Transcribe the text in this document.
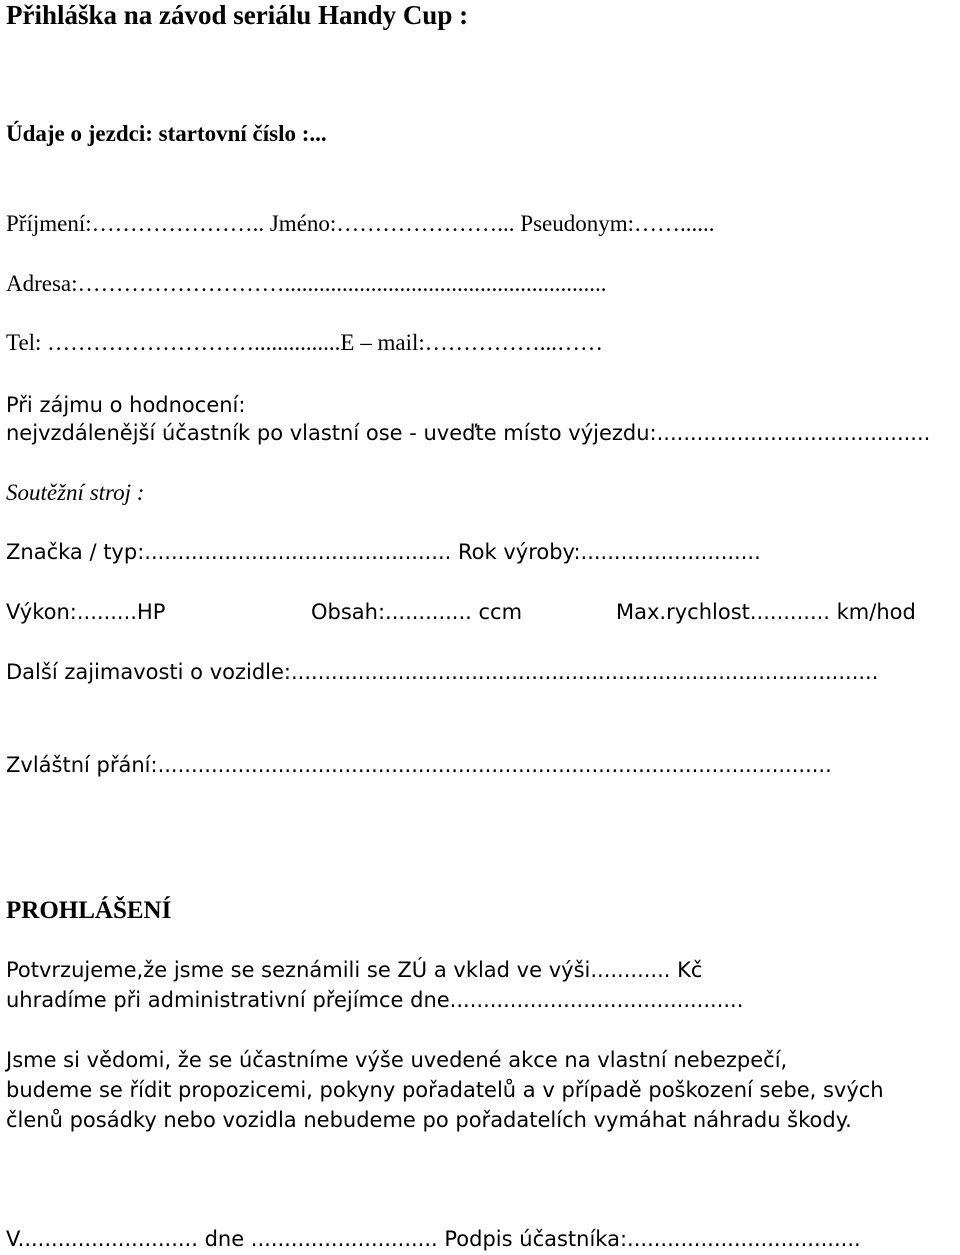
Přihláška na závod seriálu Handy Cup :
Údaje o jezdci: startovní číslo :...
Příjmení:………………….. Jméno:…………………... Pseudonym:……......
Adresa:………………………........................................................
Tel: ………………………...............E – mail:……………...……
Při zájmu o hodnocení:
nejvzdálenější účastník po vlastní ose - uveďte místo výjezdu:.........................................
Soutěžní stroj :
Značka / typ:.............................................. Rok výroby:...........................
Výkon:.........HP	Obsah:............. ccm	Max.rychlost............ km/hod
Další zajimavosti o vozidle:........................................................................................
Zvláštní přání:.....................................................................................................
PROHLÁŠENÍ
Potvrzujeme,že jsme se seznámili se ZÚ a vklad ve výši............ Kč
uhradíme při administrativní přejímce dne............................................
Jsme si vědomi, že se účastníme výše uvedené akce na vlastní nebezpečí,
budeme se řídit propozicemi, pokyny pořadatelů a v případě poškození sebe, svých
členů posádky nebo vozidla nebudeme po pořadatelích vymáhat náhradu škody.
V........................... dne ............................ Podpis účastníka:...................................
